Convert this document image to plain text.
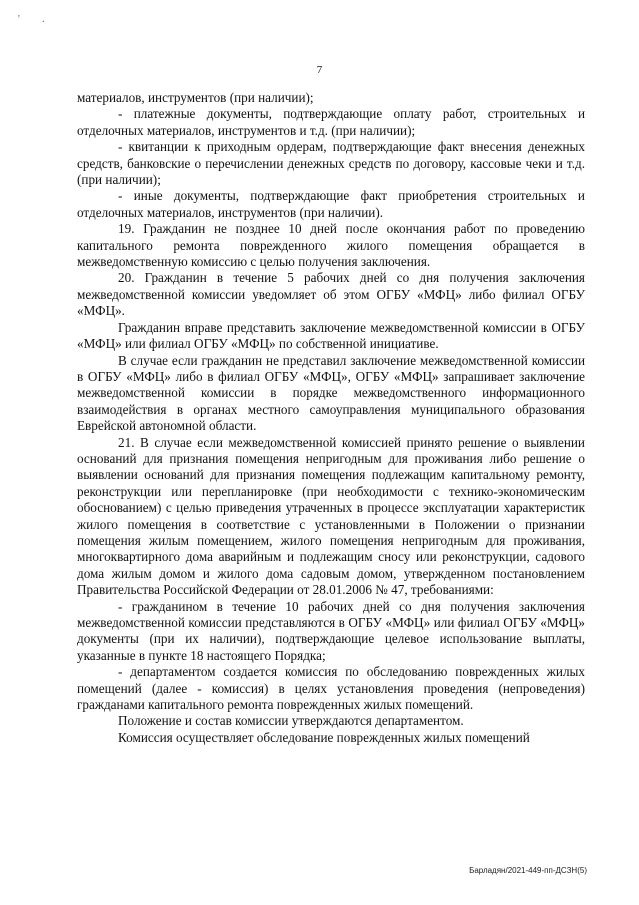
' .
7

материалов, инструментов (при наличии);

- платежные документы, подтверждающие оплату работ, строительных и отделочных материалов, инструментов и т.д. (при наличии);

- квитанции к приходным ордерам, подтверждающие факт внесения денежных средств, банковские о перечислении денежных средств по договору, кассовые чеки и т.д. (при наличии);

- иные документы, подтверждающие факт приобретения строительных и отделочных материалов, инструментов (при наличии).

19. Гражданин не позднее 10 дней после окончания работ по проведению капитального ремонта поврежденного жилого помещения обращается в межведомственную комиссию с целью получения заключения.

20. Гражданин в течение 5 рабочих дней со дня получения заключения межведомственной комиссии уведомляет об этом ОГБУ «МФЦ» либо филиал ОГБУ «МФЦ».

Гражданин вправе представить заключение межведомственной комиссии в ОГБУ «МФЦ» или филиал ОГБУ «МФЦ» по собственной инициативе.

В случае если гражданин не представил заключение межведомственной комиссии в ОГБУ «МФЦ» либо в филиал ОГБУ «МФЦ», ОГБУ «МФЦ» запрашивает заключение межведомственной комиссии в порядке межведомственного информационного взаимодействия в органах местного самоуправления муниципального образования Еврейской автономной области.

21. В случае если межведомственной комиссией принято решение о выявлении оснований для признания помещения непригодным для проживания либо решение о выявлении оснований для признания помещения подлежащим капитальному ремонту, реконструкции или перепланировке (при необходимости с технико-экономическим обоснованием) с целью приведения утраченных в процессе эксплуатации характеристик жилого помещения в соответствие с установленными в Положении о признании помещения жилым помещением, жилого помещения непригодным для проживания, многоквартирного дома аварийным и подлежащим сносу или реконструкции, садового дома жилым домом и жилого дома садовым домом, утвержденном постановлением Правительства Российской Федерации от 28.01.2006 № 47, требованиями:

- гражданином в течение 10 рабочих дней со дня получения заключения межведомственной комиссии представляются в ОГБУ «МФЦ» или филиал ОГБУ «МФЦ» документы (при их наличии), подтверждающие целевое использование выплаты, указанные в пункте 18 настоящего Порядка;

- департаментом создается комиссия по обследованию поврежденных жилых помещений (далее - комиссия) в целях установления проведения (непроведения) гражданами капитального ремонта поврежденных жилых помещений.

Положение и состав комиссии утверждаются департаментом.

Комиссия осуществляет обследование поврежденных жилых помещений

Барладян/2021-449-пп-ДСЗН(5)
